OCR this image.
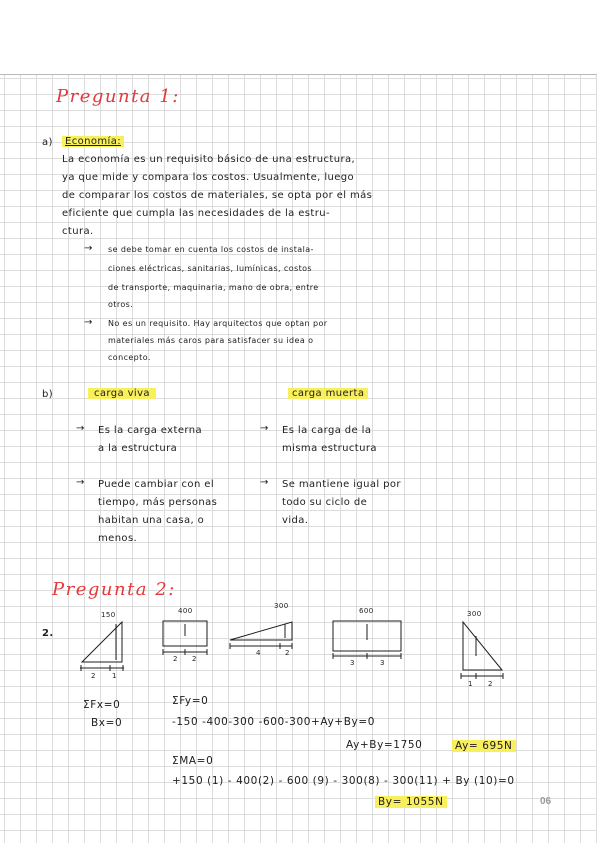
Pregunta 1:
a)	Economía:
La economía es un requisito básico de una estructura,
ya que mide y compara los costos. Usualmente, luego
de comparar los costos de materiales, se opta por el más
eficiente que cumpla las necesidades de la estru-
ctura.
→ se debe tomar en cuenta los costos de instala-
ciones eléctricas, sanitarias, lumínicas, costos
de transporte, maquinaria, mano de obra, entre
otros.
→ No es un requisito. Hay arquitectos que optan por
materiales más caros para satisfacer su idea o
concepto.
b)	carga viva	carga muerta
→ Es la carga externa
a la estructura
→ Es la carga de la
misma estructura
→ Puede cambiar con el
tiempo, más personas
habitan una casa, o
menos.
→ Se mantiene igual por
todo su ciclo de
vida.
Pregunta 2:
2.
150	400
300
600	300
2 1
2 2
4	2
3	3
1 2
ΣFx=0
Bx=0
ΣFy=0
-150 -400-300 -600-300+Ay+By=0
Ay+By=1750	Ay= 695N
ΣMA=0
+150 (1) - 400(2) - 600 (9) - 300(8) - 300(11) + By (10)=0
By= 1055N	06
